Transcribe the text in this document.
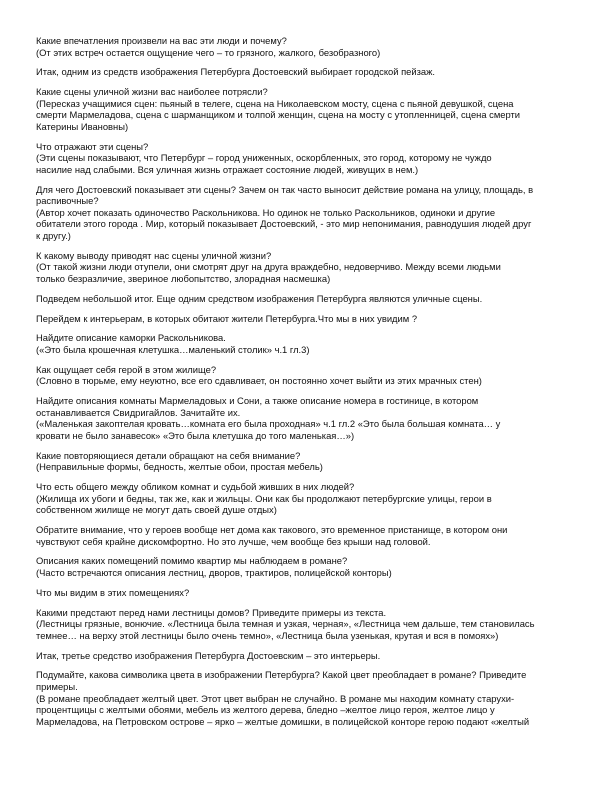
Какие впечатления произвели на вас эти люди и почему?
(От этих встреч остается ощущение чего – то грязного, жалкого, безобразного)
Итак, одним из средств изображения Петербурга Достоевский выбирает городской пейзаж.
Какие сцены уличной жизни вас наиболее потрясли?
(Пересказ учащимися сцен: пьяный в телеге, сцена на Николаевском мосту, сцена с пьяной девушкой, сцена
смерти Мармеладова, сцена с шарманщиком и толпой женщин, сцена на мосту с утопленницей, сцена смерти
Катерины Ивановны)
Что отражают эти сцены?
(Эти сцены показывают, что Петербург – город униженных, оскорбленных, это город, которому не чуждо
насилие над слабыми. Вся уличная жизнь отражает состояние людей, живущих в нем.)
Для чего Достоевский показывает эти сцены? Зачем он так часто выносит действие романа на улицу, площадь, в
распивочные?
(Автор хочет показать одиночество Раскольникова. Но одинок не только Раскольников, одиноки и другие
обитатели этого города . Мир, который показывает Достоевский, - это мир непонимания, равнодушия людей друг
к другу.)
К какому выводу приводят нас сцены уличной жизни?
(От такой жизни люди отупели, они смотрят друг на друга враждебно, недоверчиво. Между всеми людьми
только безразличие, звериное любопытство, злорадная насмешка)
Подведем небольшой итог. Еще одним средством изображения Петербурга являются уличные сцены.
Перейдем к интерьерам, в которых обитают жители Петербурга.Что мы в них увидим ?
Найдите описание каморки Раскольникова.
(«Это была крошечная клетушка…маленький столик» ч.1 гл.3)
Как ощущает себя герой в этом жилище?
(Словно в тюрьме, ему неуютно, все его сдавливает, он постоянно хочет выйти из этих мрачных стен)
Найдите описания комнаты Мармеладовых и Сони, а также описание номера в гостинице, в котором
останавливается Свидригайлов. Зачитайте их.
(«Маленькая закоптелая кровать…комната его была проходная» ч.1 гл.2 «Это была большая комната… у
кровати не было занавесок» «Это была клетушка до того маленькая…»)
Какие повторяющиеся детали обращают на себя внимание?
(Неправильные формы, бедность, желтые обои, простая мебель)
Что есть общего между обликом комнат и судьбой живших в них людей?
(Жилища их убоги и бедны, так же, как и жильцы. Они как бы продолжают петербургские улицы, герои в
собственном жилище не могут дать своей душе отдых)
Обратите внимание, что у героев вообще нет дома как такового, это временное пристанище, в котором они
чувствуют себя крайне дискомфортно. Но это лучше, чем вообще без крыши над головой.
Описания каких помещений помимо квартир мы наблюдаем в романе?
(Часто встречаются описания лестниц, дворов, трактиров, полицейской конторы)
Что мы видим в этих помещениях?
Какими предстают перед нами лестницы домов? Приведите примеры из текста.
(Лестницы грязные, вонючие. «Лестница была темная и узкая, черная», «Лестница чем дальше, тем становилась
темнее… на верху этой лестницы было очень темно», «Лестница была узенькая, крутая и вся в помоях»)
Итак, третье средство изображения Петербурга Достоевским – это интерьеры.
Подумайте, какова символика цвета в изображении Петербурга? Какой цвет преобладает в романе? Приведите
примеры.
(В романе преобладает желтый цвет. Этот цвет выбран не случайно. В романе мы находим комнату старухи-
процентщицы с желтыми обоями, мебель из желтого дерева, бледно –желтое лицо героя, желтое лицо у
Мармеладова, на Петровском острове – ярко – желтые домишки, в полицейской конторе герою подают «желтый
